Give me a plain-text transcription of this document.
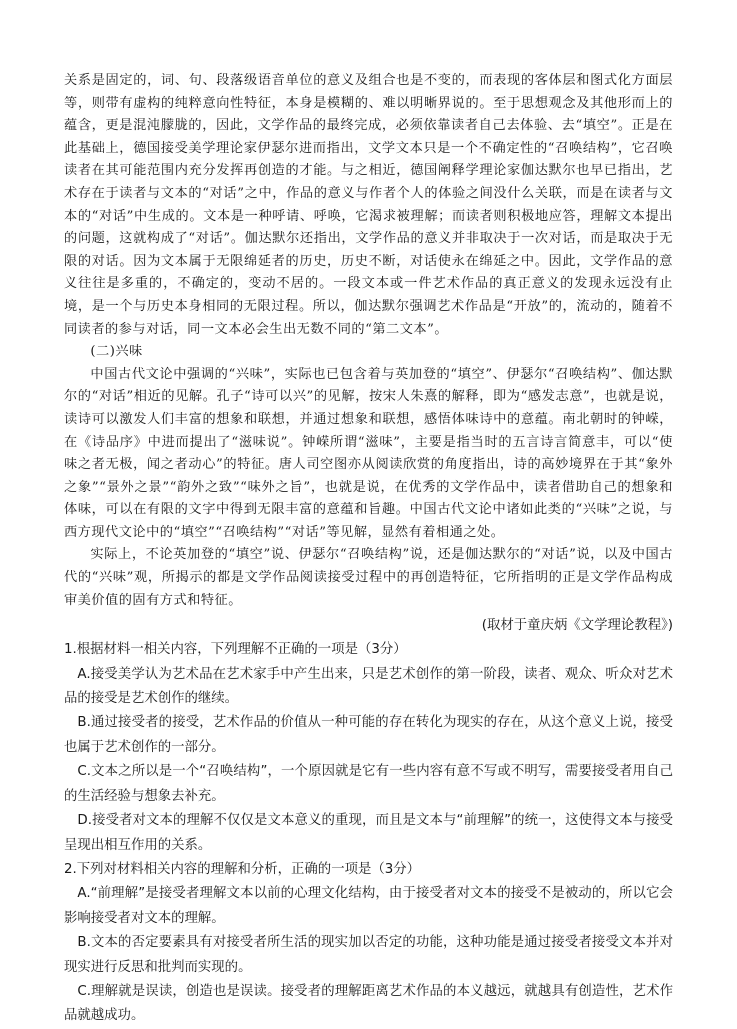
关系是固定的，词、句、段落级语音单位的意义及组合也是不变的，而表现的客体层和图式化方面层等，则带有虚构的纯粹意向性特征，本身是模糊的、难以明晰界说的。至于思想观念及其他形而上的蕴含，更是混沌朦胧的，因此，文学作品的最终完成，必须依靠读者自己去体验、去“填空”。正是在此基础上，德国接受美学理论家伊瑟尔进而指出，文学文本只是一个不确定性的“召唤结构”，它召唤读者在其可能范围内充分发挥再创造的才能。与之相近，德国阐释学理论家伽达默尔也早已指出，艺术存在于读者与文本的“对话”之中，作品的意义与作者个人的体验之间没什么关联，而是在读者与文本的“对话”中生成的。文本是一种呼请、呼唤，它渴求被理解；而读者则积极地应答，理解文本提出的问题，这就构成了“对话”。伽达默尔还指出，文学作品的意义并非取决于一次对话，而是取决于无限的对话。因为文本属于无限绵延者的历史，历史不断，对话使永在绵延之中。因此，文学作品的意义往往是多重的，不确定的，变动不居的。一段文本或一件艺术作品的真正意义的发现永远没有止境，是一个与历史本身相同的无限过程。所以，伽达默尔强调艺术作品是“开放”的，流动的，随着不同读者的参与对话，同一文本必会生出无数不同的“第二文本”。

(二)兴味

中国古代文论中强调的“兴味”，实际也已包含着与英加登的“填空”、伊瑟尔“召唤结构”、伽达默尔的“对话”相近的见解。孔子“诗可以兴”的见解，按宋人朱熹的解释，即为“感发志意”，也就是说，读诗可以激发人们丰富的想象和联想，并通过想象和联想，感悟体味诗中的意蕴。南北朝时的钟嵘，在《诗品序》中进而提出了“滋味说”。钟嵘所谓“滋味”，主要是指当时的五言诗言简意丰，可以“使味之者无极，闻之者动心”的特征。唐人司空图亦从阅读欣赏的角度指出，诗的高妙境界在于其“象外之象”“景外之景”“韵外之致”“味外之旨”，也就是说，在优秀的文学作品中，读者借助自己的想象和体味，可以在有限的文字中得到无限丰富的意蕴和旨趣。中国古代文论中诸如此类的“兴味”之说，与西方现代文论中的“填空”“召唤结构”“对话”等见解，显然有着相通之处。

实际上，不论英加登的“填空”说、伊瑟尔“召唤结构”说，还是伽达默尔的“对话”说，以及中国古代的“兴味”观，所揭示的都是文学作品阅读接受过程中的再创造特征，它所指明的正是文学作品构成审美价值的固有方式和特征。

(取材于童庆炳《文学理论教程》)
1.根据材料一相关内容，下列理解不正确的一项是（3分）
A.接受美学认为艺术品在艺术家手中产生出来，只是艺术创作的第一阶段，读者、观众、听众对艺术品的接受是艺术创作的继续。
B.通过接受者的接受，艺术作品的价值从一种可能的存在转化为现实的存在，从这个意义上说，接受也属于艺术创作的一部分。
C.文本之所以是一个“召唤结构”，一个原因就是它有一些内容有意不写或不明写，需要接受者用自己的生活经验与想象去补充。
D.接受者对文本的理解不仅仅是文本意义的重现，而且是文本与“前理解”的统一，这使得文本与接受呈现出相互作用的关系。
2.下列对材料相关内容的理解和分析，正确的一项是（3分）
A.“前理解”是接受者理解文本以前的心理文化结构，由于接受者对文本的接受不是被动的，所以它会影响接受者对文本的理解。
B.文本的否定要素具有对接受者所生活的现实加以否定的功能，这种功能是通过接受者接受文本并对现实进行反思和批判而实现的。
C.理解就是误读，创造也是误读。接受者的理解距离艺术作品的本义越远，就越具有创造性，艺术作品就越成功。
